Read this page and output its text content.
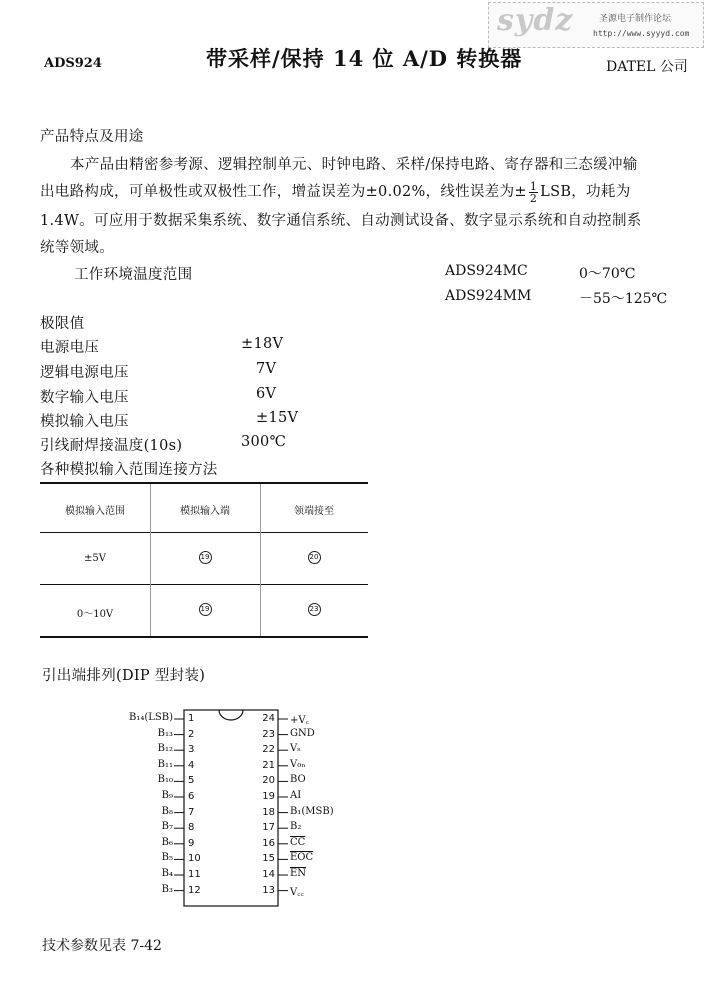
sydz	圣源电子制作论坛
http://www.syyyd.com
ADS924	带采样/保持 14 位 A/D 转换器	DATEL 公司
产品特点及用途
本产品由精密参考源、逻辑控制单元、时钟电路、采样/保持电路、寄存器和三态缓冲输
出电路构成，可单极性或双极性工作，增益误差为±0.02%，线性误差为± $\frac{1}{2}$ LSB，功耗为
1.4W。可应用于数据采集系统、数字通信系统、自动测试设备、数字显示系统和自动控制系
统等领域。
工作环境温度范围	ADS924MC	0～70℃
ADS924MM	－55～125℃
极限值
电源电压	±18V
逻辑电源电压	7V
数字输入电压	6V
模拟输入电压	±15V
引线耐焊接温度(10s)	300℃
各种模拟输入范围连接方法
模拟输入范围	模拟输入端	领端接至
±5V	19	20
0～10V	19	23
引出端排列(DIP 型封装)
B₁₄(LSB) 1
B₁₃ 2
B₁₂ 3
B₁₁ 4
B₁₀ 5
B₉ 6
B₈ 7
B₇ 8
B₆ 9
B₅ 10
B₄ 11
B₃ 12
24 +V꜀
23 GND
22 Vₛ
21 V₀ₙ
20 BO
19 AI
18 B₁(MSB)
17 B₂
16 $\overline{CC}$
15 $\overline{EOC}$
14 $\overline{EN}$
13 V꜀꜀
技术参数见表 7-42
